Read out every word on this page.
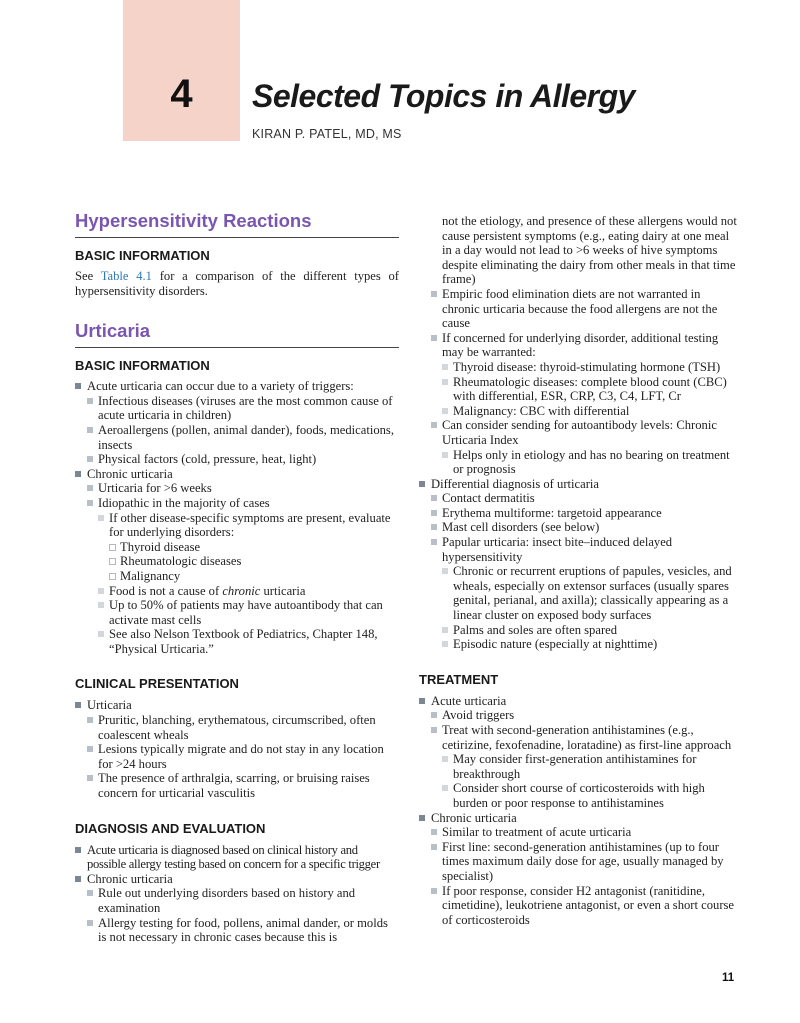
4	Selected Topics in Allergy
KIRAN P. PATEL, MD, MS
Hypersensitivity Reactions
BASIC INFORMATION

See Table 4.1 for a comparison of the different types of hypersensitivity disorders.

Urticaria
BASIC INFORMATION
Acute urticaria can occur due to a variety of triggers:
Infectious diseases (viruses are the most common cause of acute urticaria in children)
Aeroallergens (pollen, animal dander), foods, medications, insects
Physical factors (cold, pressure, heat, light)
Chronic urticaria
Urticaria for >6 weeks
Idiopathic in the majority of cases
If other disease-specific symptoms are present, evaluate for underlying disorders:
Thyroid disease
Rheumatologic diseases
Malignancy
Food is not a cause of chronic urticaria
Up to 50% of patients may have autoantibody that can activate mast cells
See also Nelson Textbook of Pediatrics, Chapter 148, “Physical Urticaria.”
CLINICAL PRESENTATION
Urticaria
Pruritic, blanching, erythematous, circumscribed, often coalescent wheals
Lesions typically migrate and do not stay in any location for >24 hours
The presence of arthralgia, scarring, or bruising raises concern for urticarial vasculitis
DIAGNOSIS AND EVALUATION
Acute urticaria is diagnosed based on clinical history and possible allergy testing based on concern for a specific trigger
Chronic urticaria
Rule out underlying disorders based on history and examination
Allergy testing for food, pollens, animal dander, or molds is not necessary in chronic cases because this is
not the etiology, and presence of these allergens would not cause persistent symptoms (e.g., eating dairy at one meal in a day would not lead to >6 weeks of hive symptoms despite eliminating the dairy from other meals in that time frame)
Empiric food elimination diets are not warranted in chronic urticaria because the food allergens are not the cause
If concerned for underlying disorder, additional testing may be warranted:
Thyroid disease: thyroid-stimulating hormone (TSH)
Rheumatologic diseases: complete blood count (CBC) with differential, ESR, CRP, C3, C4, LFT, Cr
Malignancy: CBC with differential
Can consider sending for autoantibody levels: Chronic Urticaria Index
Helps only in etiology and has no bearing on treatment or prognosis
Differential diagnosis of urticaria
Contact dermatitis
Erythema multiforme: targetoid appearance
Mast cell disorders (see below)
Papular urticaria: insect bite–induced delayed hypersensitivity
Chronic or recurrent eruptions of papules, vesicles, and wheals, especially on extensor surfaces (usually spares genital, perianal, and axilla); classically appearing as a linear cluster on exposed body surfaces
Palms and soles are often spared
Episodic nature (especially at nighttime)
TREATMENT
Acute urticaria
Avoid triggers
Treat with second-generation antihistamines (e.g., cetirizine, fexofenadine, loratadine) as first-line approach
May consider first-generation antihistamines for breakthrough
Consider short course of corticosteroids with high burden or poor response to antihistamines
Chronic urticaria
Similar to treatment of acute urticaria
First line: second-generation antihistamines (up to four times maximum daily dose for age, usually managed by specialist)
If poor response, consider H2 antagonist (ranitidine, cimetidine), leukotriene antagonist, or even a short course of corticosteroids
11
